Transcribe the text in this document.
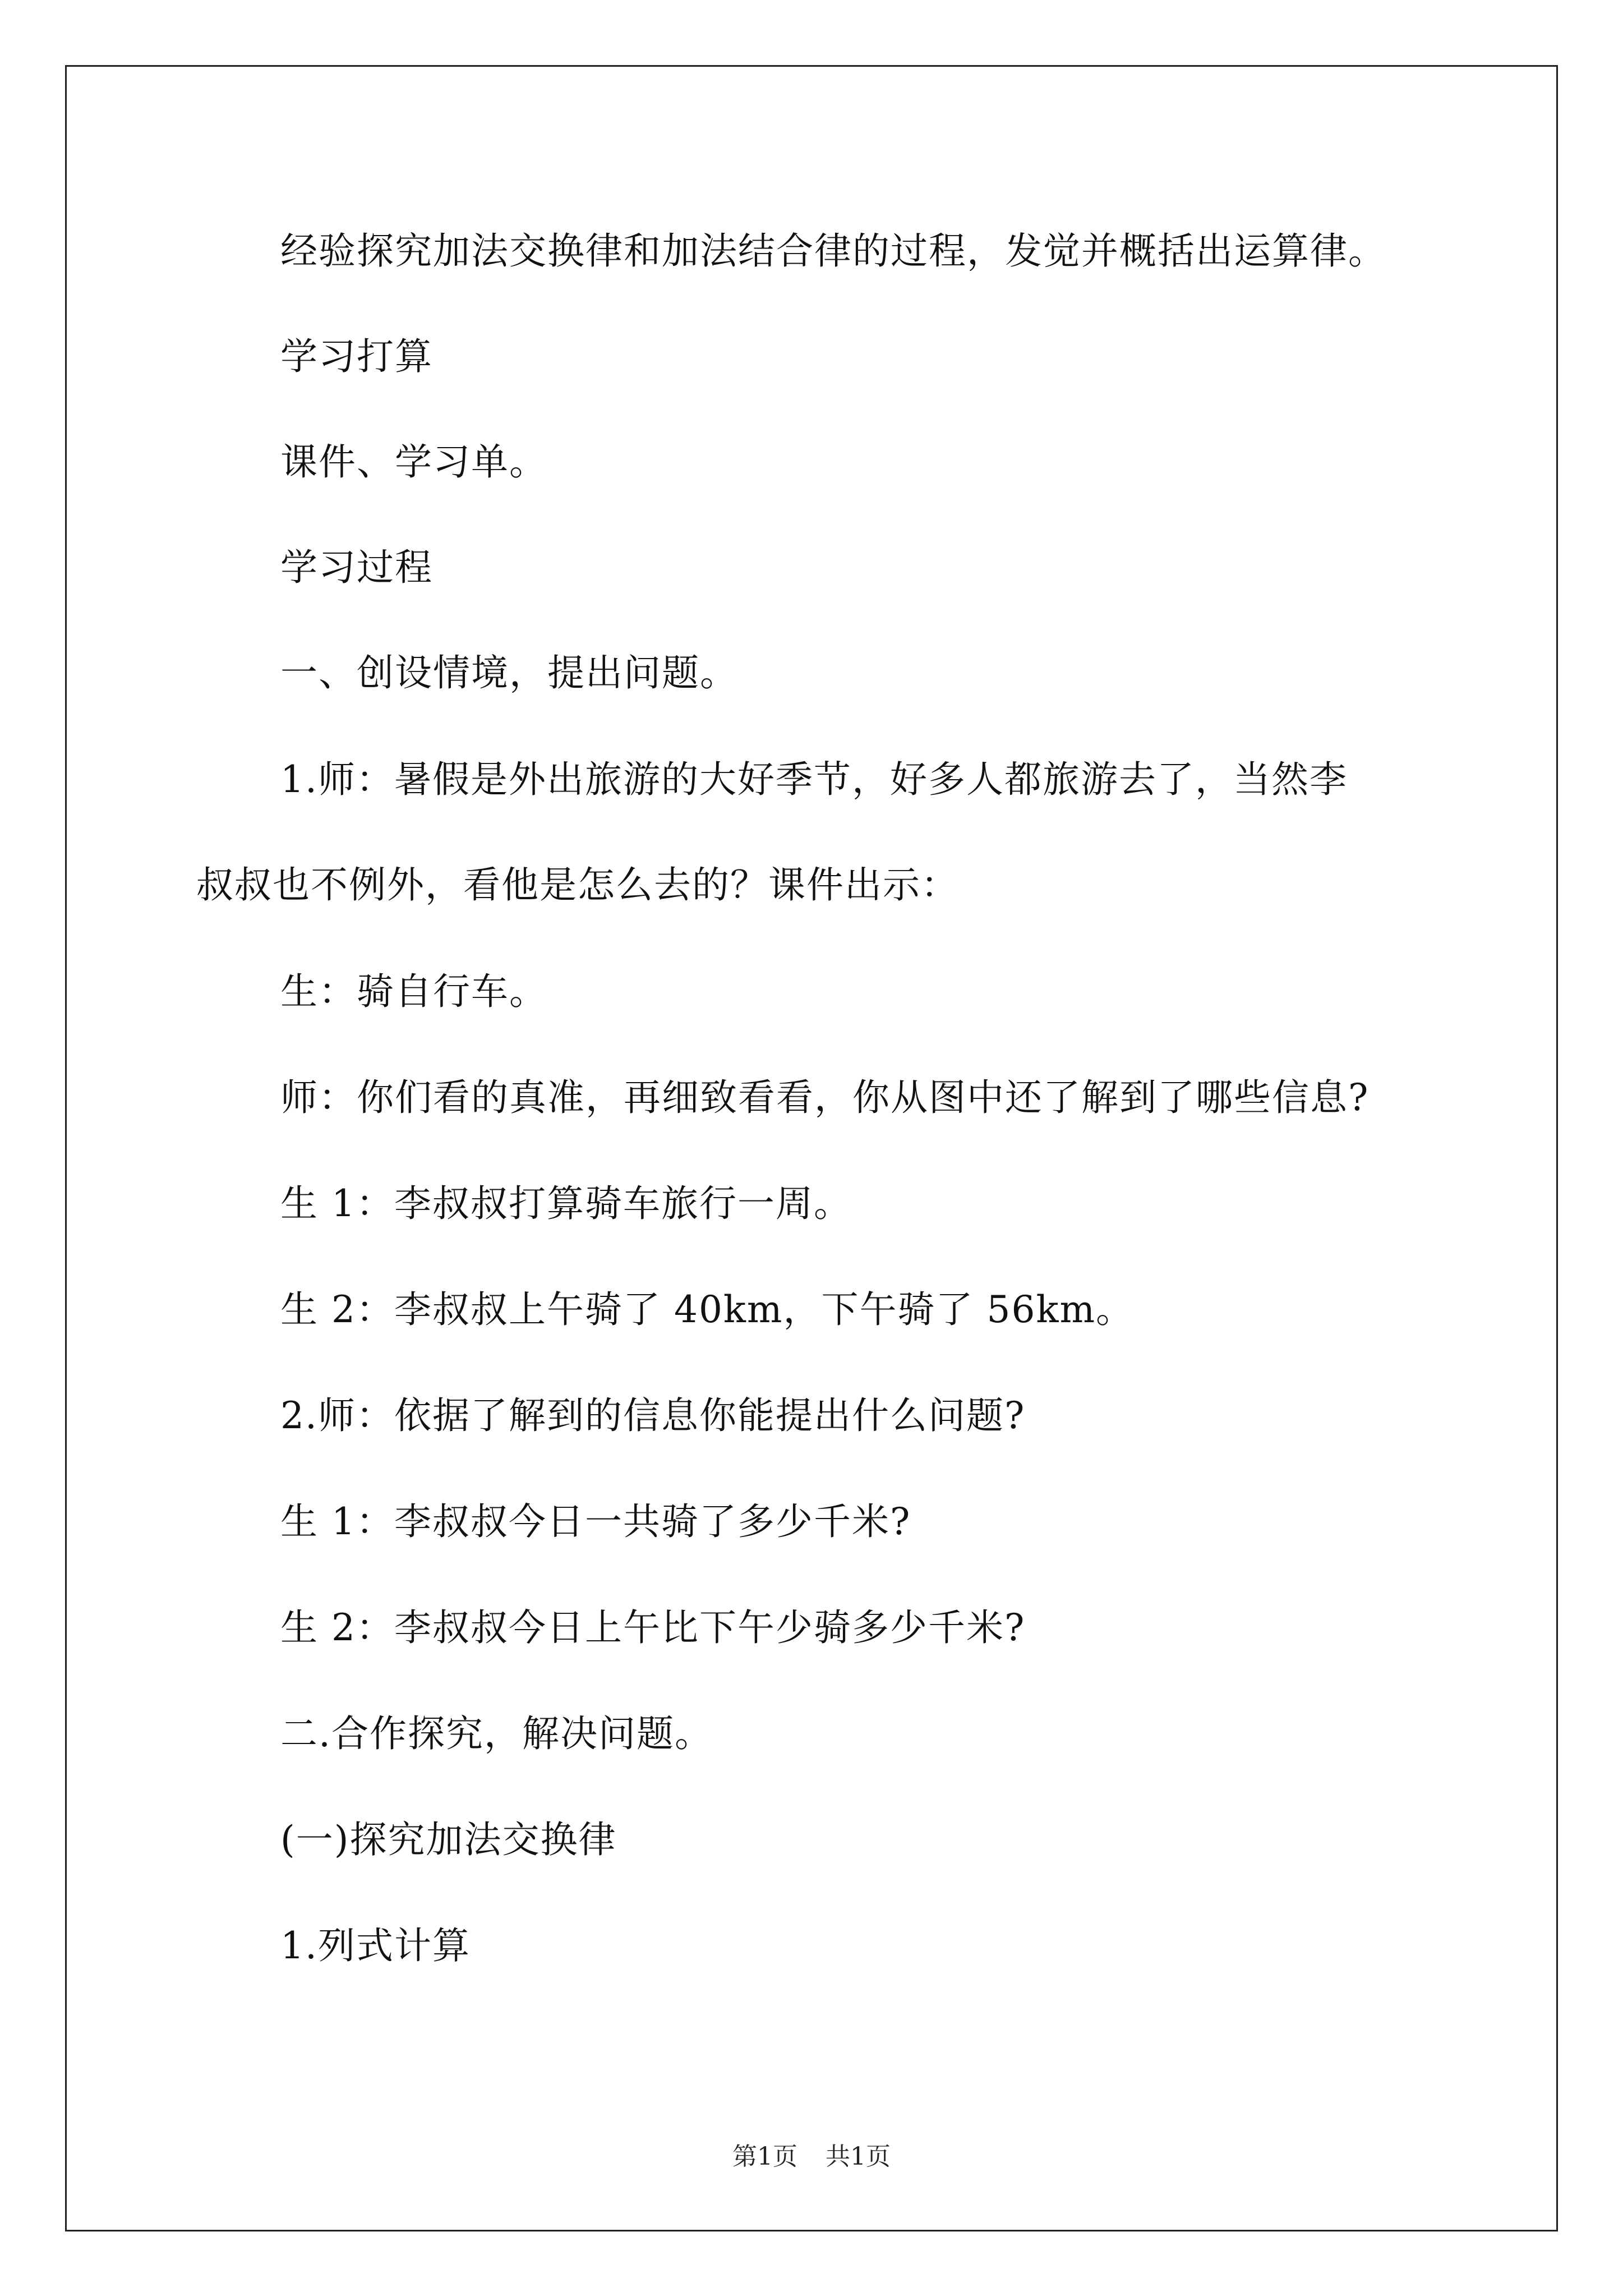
经验探究加法交换律和加法结合律的过程，发觉并概括出运算律。
学习打算
课件、学习单。
学习过程
一、创设情境，提出问题。
1.师：暑假是外出旅游的大好季节，好多人都旅游去了，当然李
叔叔也不例外，看他是怎么去的？课件出示：
生：骑自行车。
师：你们看的真准，再细致看看，你从图中还了解到了哪些信息?
生 1：李叔叔打算骑车旅行一周。
生 2：李叔叔上午骑了 40km，下午骑了 56km。
2.师：依据了解到的信息你能提出什么问题?
生 1：李叔叔今日一共骑了多少千米?
生 2：李叔叔今日上午比下午少骑多少千米?
二.合作探究，解决问题。
(一)探究加法交换律
1.列式计算
第1页 共1页
